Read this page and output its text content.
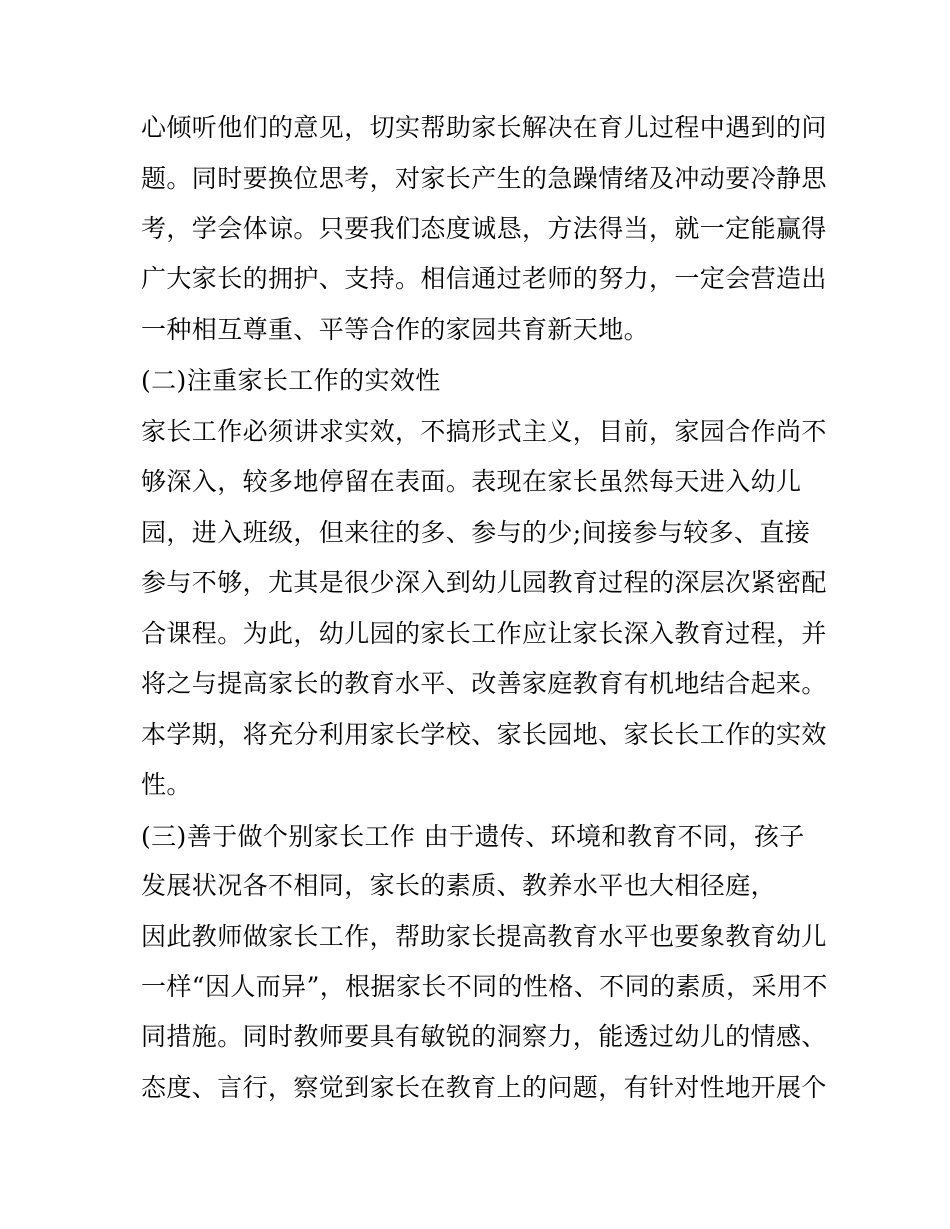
心倾听他们的意见，切实帮助家长解决在育儿过程中遇到的问
题。同时要换位思考，对家长产生的急躁情绪及冲动要冷静思
考，学会体谅。只要我们态度诚恳，方法得当，就一定能赢得
广大家长的拥护、支持。相信通过老师的努力，一定会营造出
一种相互尊重、平等合作的家园共育新天地。
(二)注重家长工作的实效性
家长工作必须讲求实效，不搞形式主义，目前，家园合作尚不
够深入，较多地停留在表面。表现在家长虽然每天进入幼儿
园，进入班级，但来往的多、参与的少;间接参与较多、直接
参与不够，尤其是很少深入到幼儿园教育过程的深层次紧密配
合课程。为此，幼儿园的家长工作应让家长深入教育过程，并
将之与提高家长的教育水平、改善家庭教育有机地结合起来。
本学期，将充分利用家长学校、家长园地、家长长工作的实效
性。
(三)善于做个别家长工作 由于遗传、环境和教育不同，孩子
发展状况各不相同，家长的素质、教养水平也大相径庭，
因此教师做家长工作，帮助家长提高教育水平也要象教育幼儿
一样“因人而异”，根据家长不同的性格、不同的素质，采用不
同措施。同时教师要具有敏锐的洞察力，能透过幼儿的情感、
态度、言行，察觉到家长在教育上的问题，有针对性地开展个
